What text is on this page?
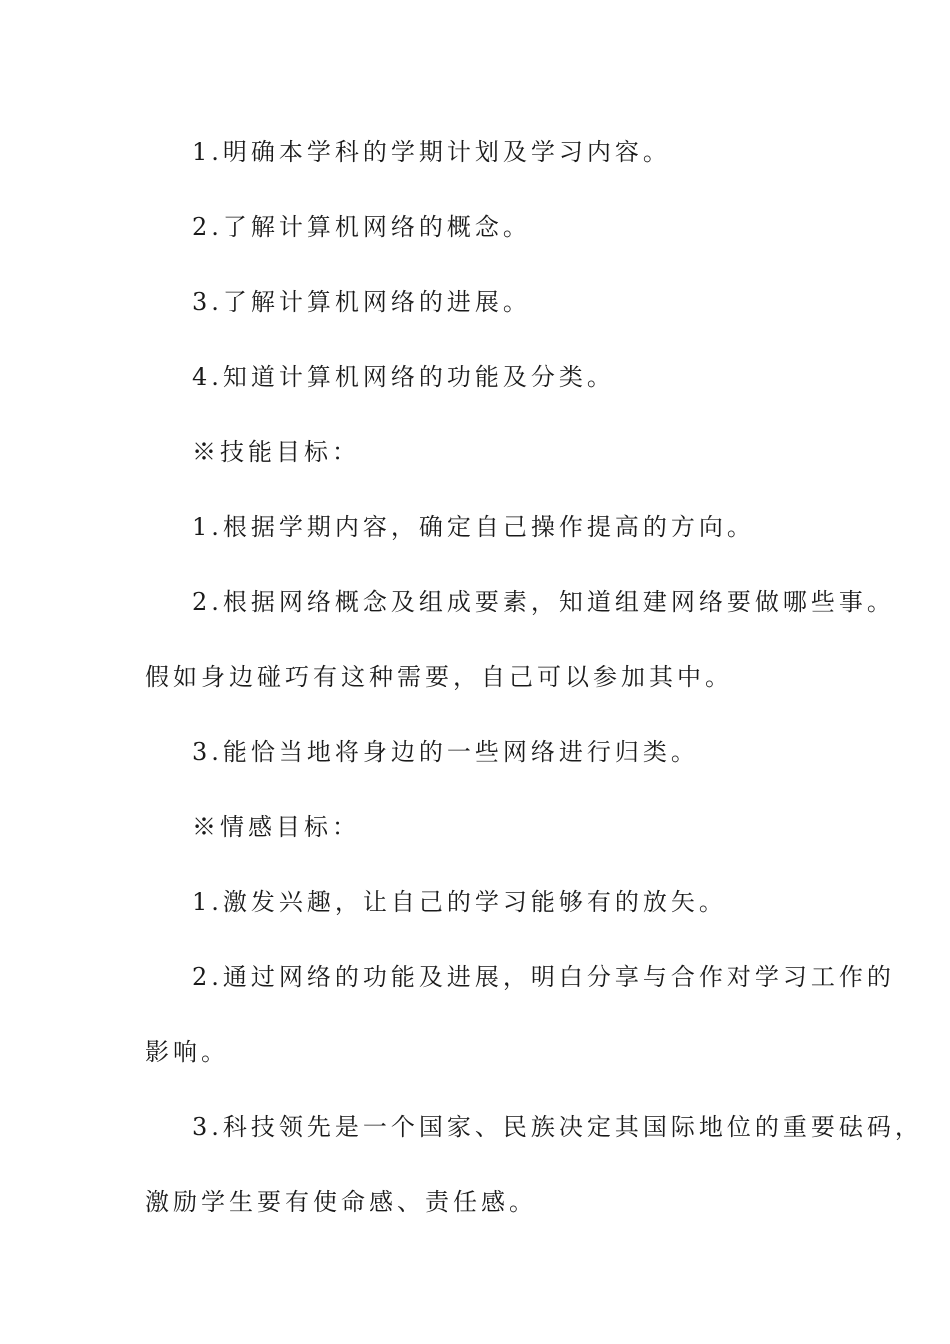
1.明确本学科的学期计划及学习内容。
2.了解计算机网络的概念。
3.了解计算机网络的进展。
4.知道计算机网络的功能及分类。
※技能目标：
1.根据学期内容，确定自己操作提高的方向。
2.根据网络概念及组成要素，知道组建网络要做哪些事。
假如身边碰巧有这种需要，自己可以参加其中。
3.能恰当地将身边的一些网络进行归类。
※情感目标：
1.激发兴趣，让自己的学习能够有的放矢。
2.通过网络的功能及进展，明白分享与合作对学习工作的
影响。
3.科技领先是一个国家、民族决定其国际地位的重要砝码，
激励学生要有使命感、责任感。
